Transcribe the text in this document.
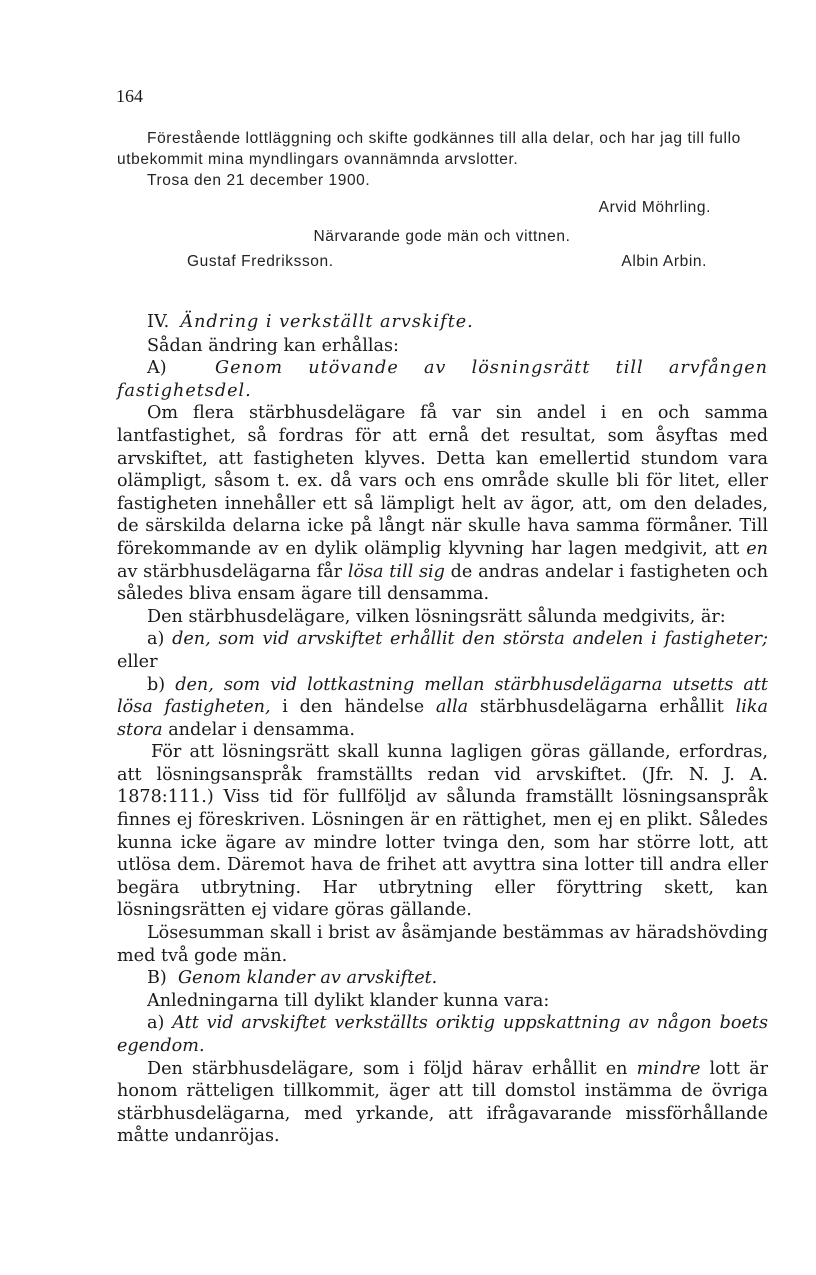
164

Förestående lottläggning och skifte godkännes till alla delar, och har jag till fullo utbekommit mina myndlingars ovannämnda arvslotter.

Trosa den 21 december 1900.

Arvid Möhrling.

Närvarande gode män och vittnen.

Gustaf Fredriksson.	Albin Arbin.

IV. Ändring i verkställt arvskifte.

Sådan ändring kan erhållas:

A)	Genom utövande av lösningsrätt till arvfången fastighetsdel.

Om flera stärbhusdelägare få var sin andel i en och samma lantfastighet, så fordras för att ernå det resultat, som åsyftas med arvskiftet, att fastigheten klyves. Detta kan emellertid stundom vara olämpligt, såsom t. ex. då vars och ens område skulle bli för litet, eller fastigheten innehåller ett så lämpligt helt av ägor, att, om den delades, de särskilda delarna icke på långt när skulle hava samma förmåner. Till förekommande av en dylik olämplig klyvning har lagen medgivit, att en av stärbhusdelägarna får lösa till sig de andras andelar i fastigheten och således bliva ensam ägare till densamma.

Den stärbhusdelägare, vilken lösningsrätt sålunda medgivits, är:

a) den, som vid arvskiftet erhållit den största andelen i fastigheter; eller

b) den, som vid lottkastning mellan stärbhusdelägarna utsetts att lösa fastigheten, i den händelse alla stärbhusdelägarna erhållit lika stora andelar i densamma.

För att lösningsrätt skall kunna lagligen göras gällande, erfordras, att lösningsanspråk framställts redan vid arvskiftet. (Jfr. N. J. A. 1878:111.) Viss tid för fullföljd av sålunda framställt lösningsanspråk finnes ej föreskriven. Lösningen är en rättighet, men ej en plikt. Således kunna icke ägare av mindre lotter tvinga den, som har större lott, att utlösa dem. Däremot hava de frihet att avyttra sina lotter till andra eller begära utbrytning. Har utbrytning eller föryttring skett, kan lösningsrätten ej vidare göras gällande.

Lösesumman skall i brist av åsämjande bestämmas av häradshövding med två gode män.

B) Genom klander av arvskiftet.

Anledningarna till dylikt klander kunna vara:

a) Att vid arvskiftet verkställts oriktig uppskattning av någon boets egendom.

Den stärbhusdelägare, som i följd härav erhållit en mindre lott är honom rätteligen tillkommit, äger att till domstol instämma de övriga stärbhusdelägarna, med yrkande, att ifrågavarande missförhållande måtte undanröjas.
